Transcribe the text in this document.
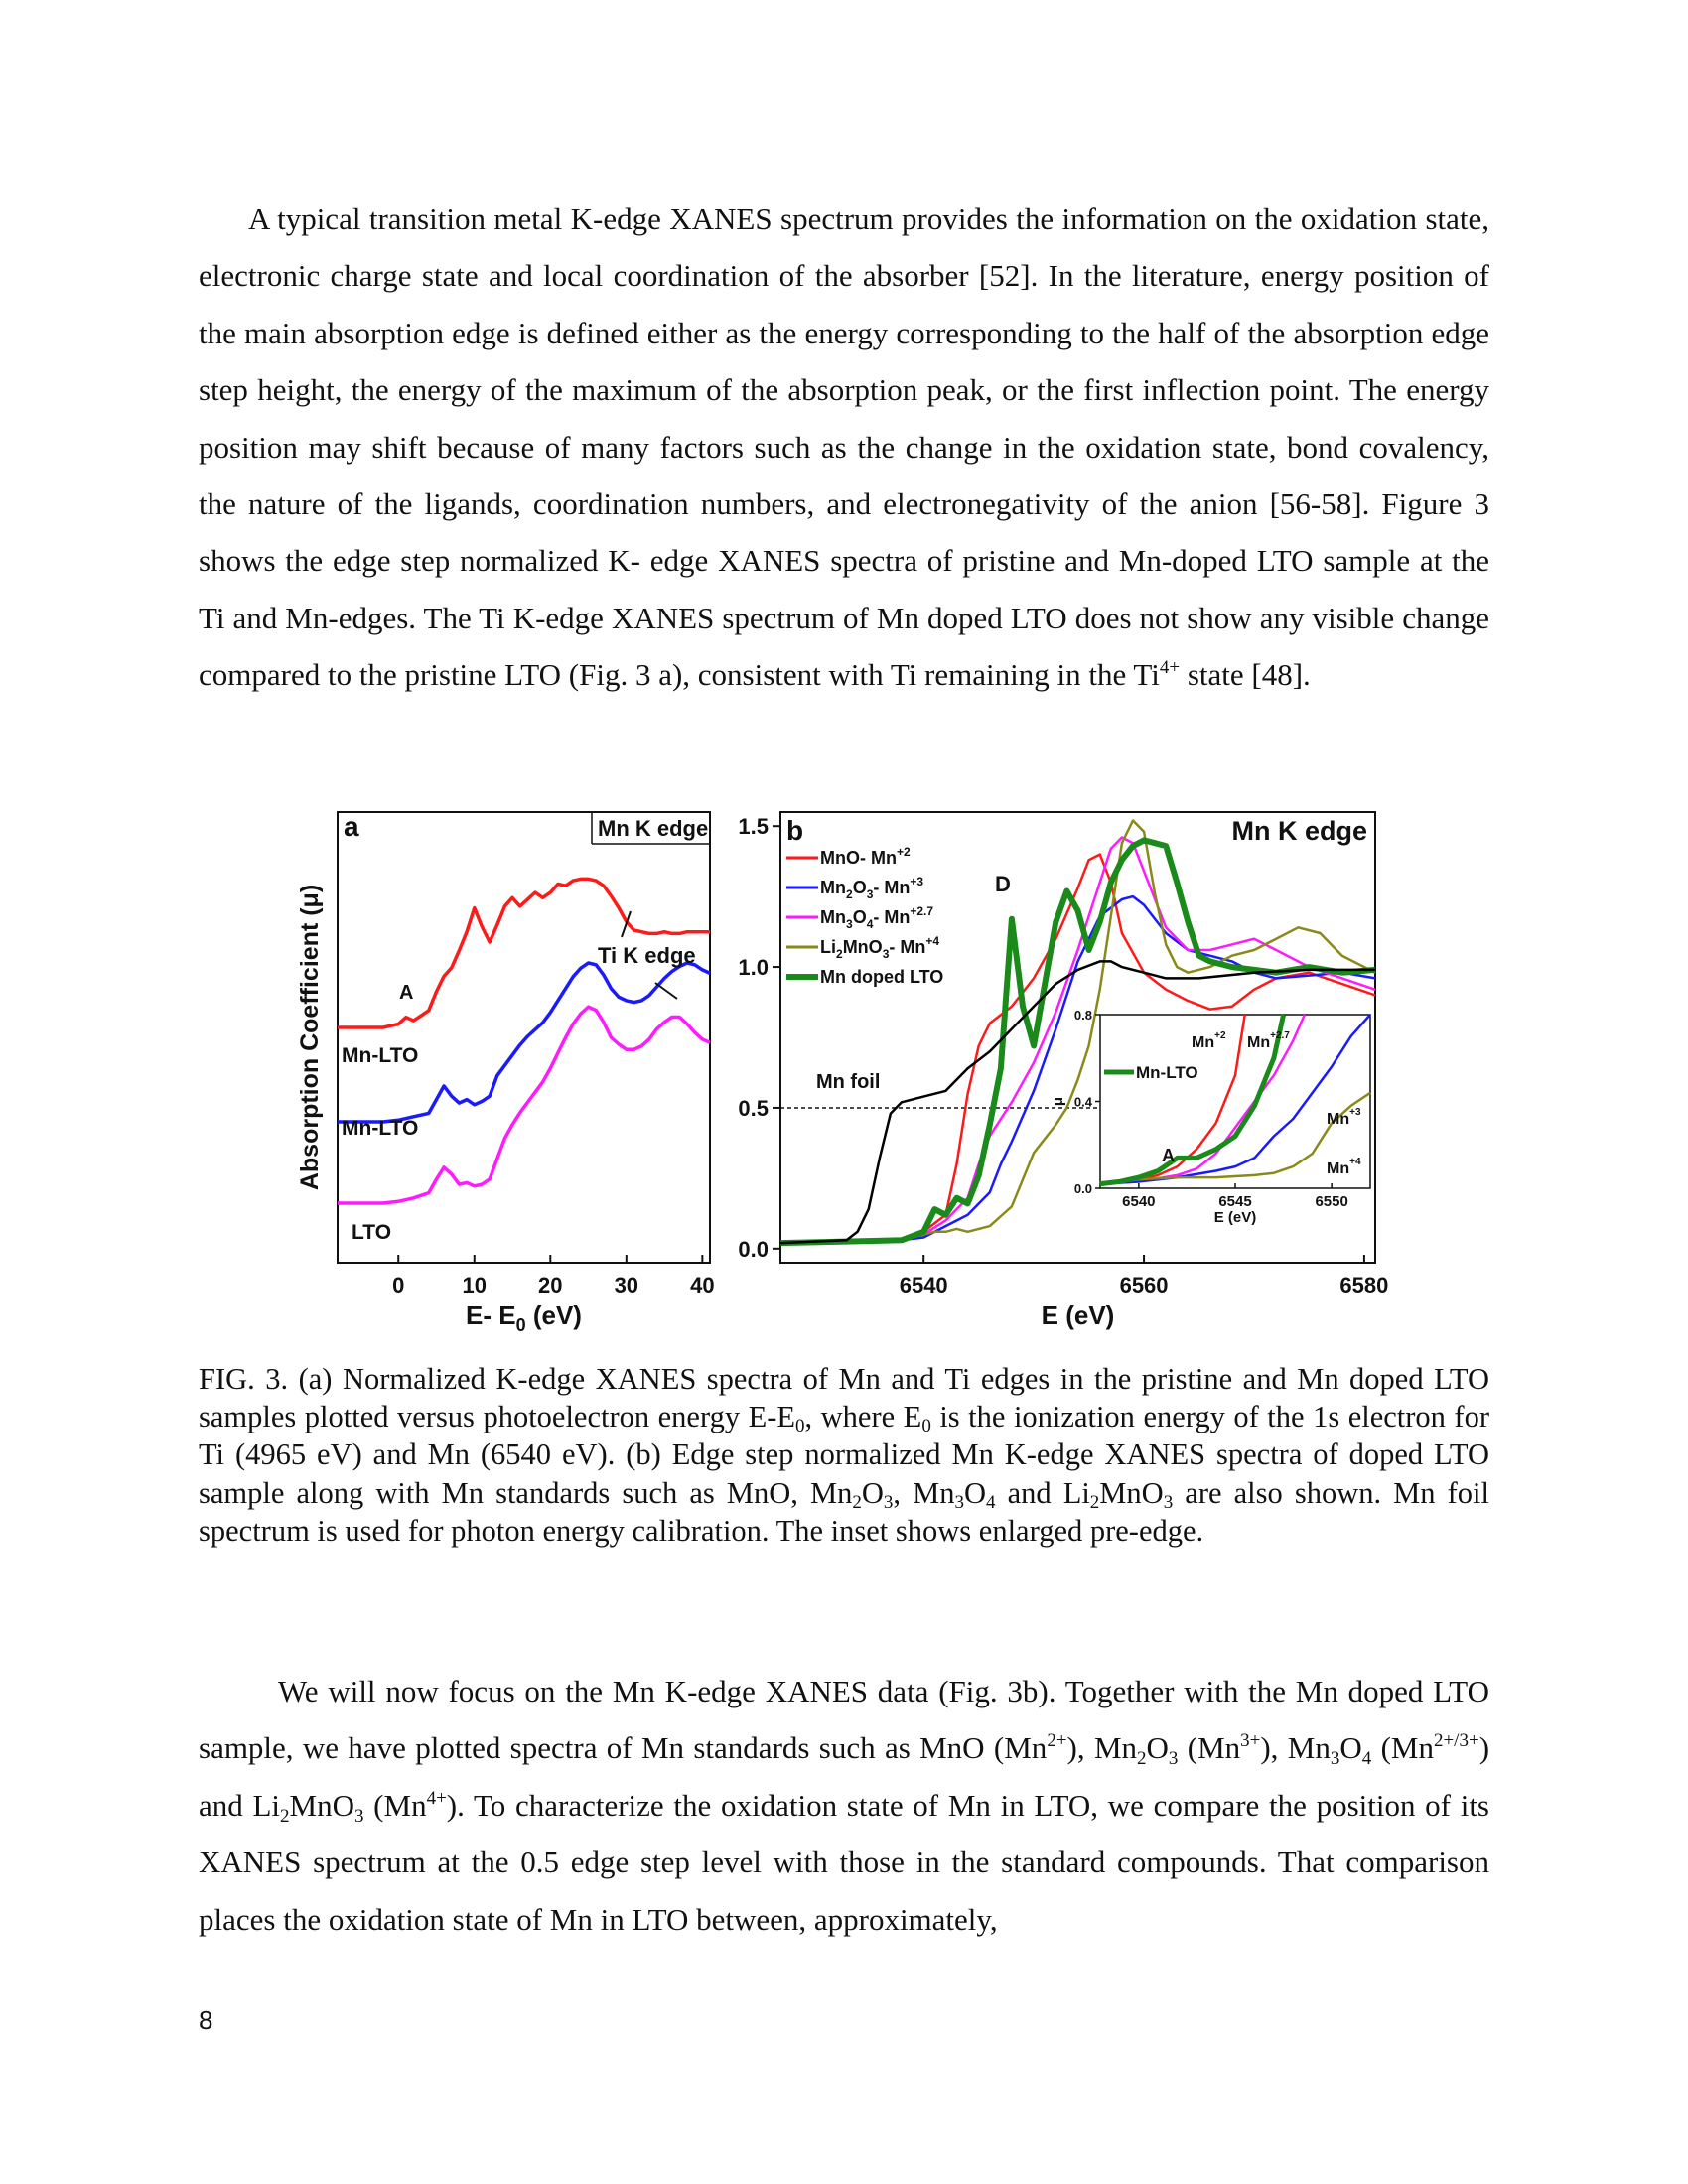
A typical transition metal K-edge XANES spectrum provides the information on the oxidation state, electronic charge state and local coordination of the absorber [52]. In the literature, energy position of the main absorption edge is defined either as the energy corresponding to the half of the absorption edge step height, the energy of the maximum of the absorption peak, or the first inflection point. The energy position may shift because of many factors such as the change in the oxidation state, bond covalency, the nature of the ligands, coordination numbers, and electronegativity of the anion [56-58]. Figure 3 shows the edge step normalized K- edge XANES spectra of pristine and Mn-doped LTO sample at the Ti and Mn-edges. The Ti K-edge XANES spectrum of Mn doped LTO does not show any visible change compared to the pristine LTO (Fig. 3 a), consistent with Ti remaining in the $Ti^{4+}$ state [48].

0	10 20 30 40
E- $E_0$ (eV)
Absorption Coefficient (μ)
a	Mn K edge
Ti K edge
A
Mn-LTO
Mn-LTO
LTO
0.0
0.5
1.0
1.5
6540	6560	6580
E (eV)
b	Mn K edge
D
Mn foil
MnO- $Mn^{+2}$
$Mn_2O_3-$ $Mn^{+3}$
$Mn_3O_4-$ $Mn^{+2.7}$
$Li_2MnO_3-$ $Mn^{+4}$
Mn doped LTO
0.0
0.4
0.8
6540	6545	6550
E (eV)
μ
Mn-LTO
$Mn^{+2}$ $Mn^{+2.7}$
$Mn^{+3}$
$Mn^{+4}$
A

FIG. 3. (a) Normalized K-edge XANES spectra of Mn and Ti edges in the pristine and Mn doped LTO samples plotted versus photoelectron energy $E-E_0$, where $E_0$ is the ionization energy of the 1s electron for Ti (4965 eV) and Mn (6540 eV). (b) Edge step normalized Mn K-edge XANES spectra of doped LTO sample along with Mn standards such as MnO, $Mn_2O_3$, $Mn_3O_4$ and $Li_2MnO_3$ are also shown. Mn foil spectrum is used for photon energy calibration. The inset shows enlarged pre-edge.

We will now focus on the Mn K-edge XANES data (Fig. 3b). Together with the Mn doped LTO sample, we have plotted spectra of Mn standards such as MnO $(Mn^{2+})$, $Mn_2O_3$ $(Mn^{3+})$, $Mn_3O_4$ $(Mn^{2+/3+})$ and $Li_2MnO_3$ $(Mn^{4+})$. To characterize the oxidation state of Mn in LTO, we compare the position of its XANES spectrum at the 0.5 edge step level with those in the standard compounds. That comparison places the oxidation state of Mn in LTO between, approximately,

8
